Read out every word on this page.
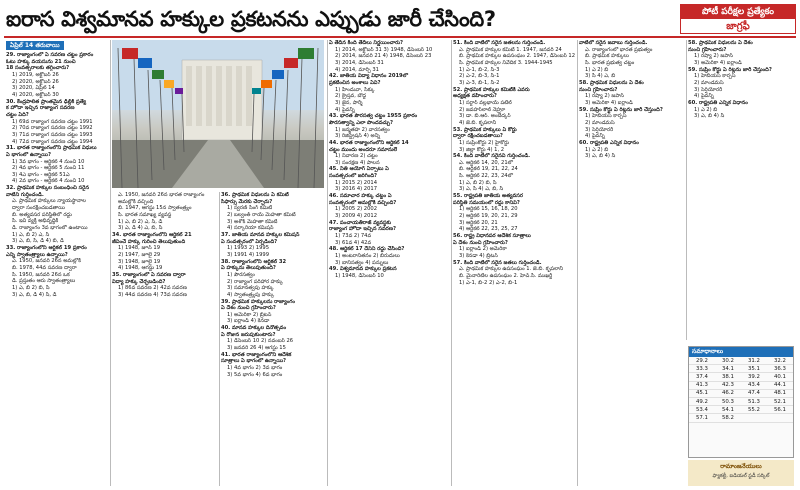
ఐరాస విశ్వమానవ హక్కుల ప్రకటనను ఎప్పుడు జారీ చేసింది?	పోటీ పరీక్షల ప్రత్యేకం
జాగ్రఫీ
ఏప్రిల్ 14 తరువాయి

29. రాజ్యాంగంలో ఏ సవరణ చట్టం ప్రకారం

ఓటు హక్కు వయసును 21 నుంచి

18 సంవత్సరాలకు తగ్గించారు?

1) 2019, అక్టోబర్ 26

2) 2020, అక్టోబర్ 26

3) 2020, ఏప్రిల్ 14

4) 2020, అక్టోబర్ 30

30. కేంద్రపాలిత ప్రాంతమైన ఢిల్లీకి ప్రత్యే

క హోదా ఇచ్చిన రాజ్యాంగ సవరణ

చట్టం ఏది?

1) 69వ రాజ్యాంగ సవరణ చట్టం 1991

2) 70వ రాజ్యాంగ సవరణ చట్టం 1992

3) 71వ రాజ్యాంగ సవరణ చట్టం 1993

4) 72వ రాజ్యాంగ సవరణ చట్టం 1994

31. భారత రాజ్యాంగంలోని ప్రాథమిక విధులు

ఏ భాగంలో ఉన్నాయి?

1) 3వ భాగం - ఆర్టికల్ 4 నుంచి 10

2) 4వ భాగం - ఆర్టికల్ 5 నుంచి 11

3) 4ఎ భాగం - ఆర్టికల్ 51ఎ

4) 2వ భాగం - ఆర్టికల్ 4 నుంచి 10

32. ప్రాథమిక హక్కుల సంబంధించి సరైన

వాటిని గుర్తించండి.

ఎ. ప్రాథమిక హక్కులు న్యాయస్థానాల

ద్వారా సంరక్షించబడతాయి

బి. అత్యవసర పరిస్థితిలో రద్దు

సి. ఇవి వ్యక్తి అభివృద్ధికి

డి. రాజ్యాంగం 3వ భాగంలో ఉంటాయి

1) ఎ, బి 2) ఎ, సి

3) ఎ, బి, సి, డి 4) బి, డి

33. రాజ్యాంగంలోని ఆర్టికల్ 19 ప్రకారం

ఎన్ని స్వాతంత్ర్యాలు ఉన్నాయి?

ఎ. 1950, జనవరి 26న అమల్లోకి

బి. 1978, 44వ సవరణ ద్వారా

సి. 1950, జనవరి 26న ఒక

డి. ప్రస్తుతం ఆరు స్వాతంత్ర్యాలు

1) ఎ, బి 2) బి, సి

3) ఎ, బి, డి 4) సి, డి

ఎ. 1950, జనవరి 26న భారత రాజ్యాంగం

అమల్లోకి వచ్చింది

బి. 1947, ఆగస్టు 15న స్వాతంత్ర్యం

సి. భారత సమాఖ్య వ్యవస్థ

1) ఎ, బి 2) ఎ, సి, డి

3) ఎ, డి 4) ఎ, బి, సి

34. భారత రాజ్యాంగంలోని ఆర్టికల్ 21

జీవించే హక్కు గురించి తెలుపుతుంది

1) 1948, జూన్ 19

2) 1947, జూలై 29

3) 1948, జూలై 19

4) 1948, ఆగస్టు 19

35. రాజ్యాంగంలో ఏ సవరణ ద్వారా

విద్యా హక్కు చేర్చబడింది?

1) 86వ సవరణ 2) 42వ సవరణ

3) 44వ సవరణ 4) 73వ సవరణ

36. ప్రాథమిక విధులను ఏ కమిటీ

సిఫార్సు మేరకు చేర్చారు?

1) స్వరణ్ సింగ్ కమిటీ

2) బల్వంత్ రాయ్ మెహతా కమిటీ

3) అశోక్ మెహతా కమిటీ

4) సర్కారియా కమిషన్

37. జాతీయ మానవ హక్కుల కమిషన్

ఏ సంవత్సరంలో ఏర్పడింది?

1) 1993 2) 1995

3) 1991 4) 1999

38. రాజ్యాంగంలోని ఆర్టికల్ 32

ఏ హక్కును తెలుపుతుంది?

1) పౌరసత్వం

2) రాజ్యాంగ పరిహార హక్కు

3) సమానత్వపు హక్కు

4) స్వాతంత్ర్యపు హక్కు

39. ప్రాథమిక హక్కులను రాజ్యాంగం

ఏ దేశం నుంచి గ్రహించారు?

1) అమెరికా 2) బ్రిటన్

3) ఐర్లాండ్ 4) కెనడా

40. మానవ హక్కుల దినోత్సవం

ఏ రోజున జరుపుకుంటారు?

1) డిసెంబర్ 10 2) నవంబర్ 26

3) జనవరి 26 4) ఆగస్టు 15

41. భారత రాజ్యాంగంలోని ఆదేశిక

సూత్రాలు ఏ భాగంలో ఉన్నాయి?

1) 4వ భాగం 2) 3వ భాగం

3) 5వ భాగం 4) 6వ భాగం

ఏ తేదీన కింది తేదీలు నిర్ణయించారు?

1) 2014, అక్టోబర్ 31 3) 1948, డిసెంబర్ 10

2) 2014, జనవరి 21 4) 1948, డిసెంబర్ 23

3) 2014, డిసెంబర్ 31

4) 2014, మార్చి 31

42. జాతీయ విద్యా విధానం 2019లో

ప్రకటించిన అంశాలు ఏవి?

1) హిందువా, సిక్కు

2) క్రైస్తవ, బౌద్ధ

3) జైన, పార్శీ

4) పైవన్నీ

43. భారత పౌరసత్వ చట్టం 1955 ప్రకారం

పౌరసత్వాన్ని ఎలా పొందవచ్చు?

1) జన్మతహ 2) వారసత్వం

3) రిజిస్ట్రేషన్ 4) అన్నీ

44. భారత రాజ్యాంగంలోని ఆర్టికల్ 14

చట్టం ముందు అందరూ సమానులే

1) నివారణ 2) చట్టం

3) సంరక్షణ 4) పాలన

45. నీతి ఆయోగ్ ఏర్పాటు ఏ

సంవత్సరంలో జరిగింది?

1) 2015 2) 2014

3) 2016 4) 2017

46. సమాచార హక్కు చట్టం ఏ

సంవత్సరంలో అమల్లోకి వచ్చింది?

1) 2005 2) 2002

3) 2009 4) 2012

47. పంచాయతీరాజ్ వ్యవస్థకు

రాజ్యాంగ హోదా ఇచ్చిన సవరణ?

1) 73వ 2) 74వ

3) 61వ 4) 42వ

48. ఆర్టికల్ 17 దేనిని రద్దు చేసింది?

1) అంటరానితనం 2) బిరుదులు

3) బానిసత్వం 4) పన్నులు

49. విశ్వమానవ హక్కుల ప్రకటన

1) 1948, డిసెంబర్ 10

51. కింది వాటిలో సరైన జతలను గుర్తించండి.

ఎ. ప్రాథమిక హక్కుల కమిటీ 1. 1947, జనవరి 24

బి. ప్రాథమిక హక్కుల ఉపసంఘం 2. 1947, డిసెంబర్ 12

సి. ప్రాథమిక హక్కుల నివేదిక 3. 1944-1945

1) ఎ-1, బి-2, సి-3

2) ఎ-2, బి-3, సి-1

3) ఎ-3, బి-1, సి-2

52. ప్రాథమిక హక్కుల కమిటీకి ఎవరు

అధ్యక్షత వహించారు?

1) సర్దార్ వల్లభాయ్ పటేల్

2) జవహర్‌లాల్ నెహ్రూ

3) డా. బి.ఆర్. అంబేద్కర్

4) జె.బి. కృపలానీ

53. ప్రాథమిక హక్కులు ఏ కోర్టు

ద్వారా రక్షించబడతాయి?

1) సుప్రీంకోర్టు 2) హైకోర్టు

3) జిల్లా కోర్టు 4) 1, 2

54. కింది వాటిలో సరైనవి గుర్తించండి.

ఎ. ఆర్టికల్ 14, 20, 21లో

బి. ఆర్టికల్ 19, 21, 22, 24

సి. ఆర్టికల్ 22, 23, 24లో

1) ఎ, బి 2) బి, సి

3) ఎ, సి 4) ఎ, బి, సి

55. రాష్ట్రపతి జాతీయ అత్యవసర

పరిస్థితి సమయంలో రద్దు కానివి?

1) ఆర్టికల్ 15, 16, 18, 20

2) ఆర్టికల్ 19, 20, 21, 29

3) ఆర్టికల్ 20, 21

4) ఆర్టికల్ 22, 23, 25, 27

56. రాష్ట్ర విధానపర ఆదేశిక సూత్రాలు

ఏ దేశం నుంచి గ్రహించారు?

1) ఐర్లాండ్ 2) అమెరికా

3) కెనడా 4) బ్రిటన్

57. కింది వాటిలో సరైన జతలు గుర్తించండి.

ఎ. ప్రాథమిక హక్కుల ఉపసంఘం 1. జె.బి. కృపలానీ

బి. మైనారిటీల ఉపసంఘం 2. హెచ్.సి. ముఖర్జీ

1) ఎ-1, బి-2 2) ఎ-2, బి-1

వాటిలో సరైన జవాబు గుర్తించండి.

ఎ. రాజ్యాంగంలో భారత ప్రభుత్వం

బి. ప్రాథమిక హక్కులు

సి. భారత ప్రభుత్వ చట్టం

1) ఎ 2) బి

3) సి 4) ఎ, బి

58. ప్రాథమిక విధులను ఏ దేశం

నుంచి గ్రహించారు?

1) రష్యా 2) జపాన్

3) అమెరికా 4) ఐర్లాండ్

59. సుప్రీం కోర్టు ఏ రిట్లను జారీ చేస్తుంది?

1) హెబియస్ కార్పస్

2) మాండమస్

3) సెర్షియోరరీ

4) పైవన్నీ

60. రాష్ట్రపతి ఎన్నిక విధానం

1) ఎ 2) బి

3) ఎ, బి 4) సి

58. ప్రాథమిక విధులను ఏ దేశం

నుంచి గ్రహించారు?

1) రష్యా 2) జపాన్

3) అమెరికా 4) ఐర్లాండ్

59. సుప్రీం కోర్టు ఏ రిట్లను జారీ చేస్తుంది?

1) హెబియస్ కార్పస్

2) మాండమస్

3) సెర్షియోరరీ

4) పైవన్నీ

60. రాష్ట్రపతి ఎన్నిక విధానం

1) ఎ 2) బి

3) ఎ, బి 4) సి

సమాధానాలు
29.2	30.2	31.2	32.2
33.3	34.1	35.1	36.3
37.4	38.1	39.2	40.1
41.3	42.3	43.4	44.1
45.1	46.2	47.4	48.1
49.2	50.3	51.3	52.1
53.4	54.1	55.2	56.1
57.1	58.2		
రామాంజనేయులు
ఫ్యాకల్టీ, ఐడియల్ స్టడీ సర్కిల్
